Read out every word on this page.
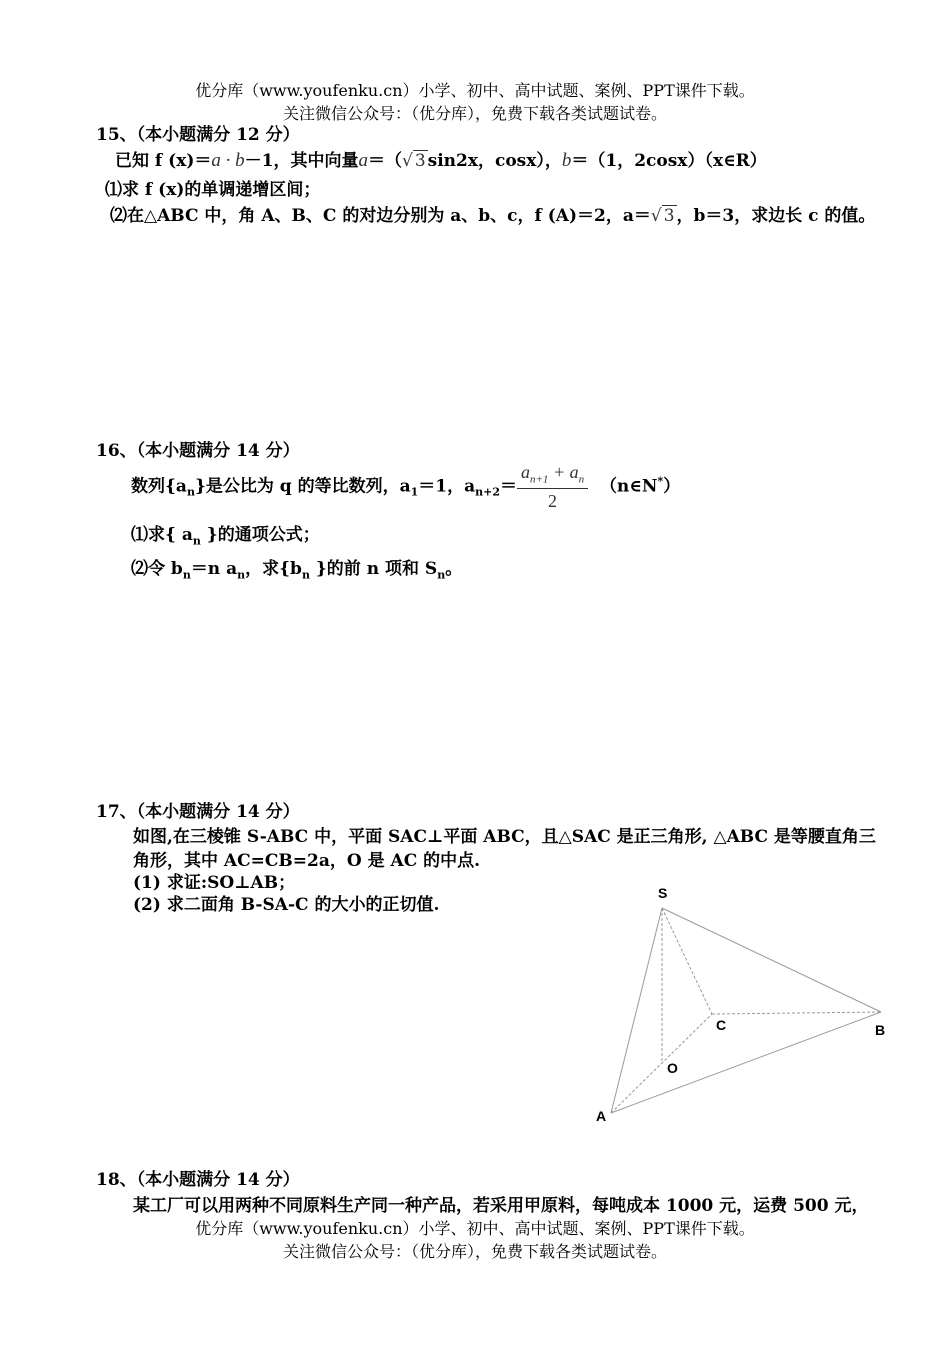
优分库（www.youfenku.cn）小学、初中、高中试题、案例、PPT课件下载。
关注微信公众号：（优分库），免费下载各类试题试卷。
15、（本小题满分 12 分）
已知 f (x)＝a · b－1，其中向量a＝（√ 3 sin2x，cosx），b＝（1，2cosx）（x∈R）
⑴求 f (x)的单调递增区间；
⑵在△ABC 中，角 A、B、C 的对边分别为 a、b、c，f (A)＝2，a＝√ 3 ，b＝3，求边长 c 的值。
16、（本小题满分 14 分）
数列$\{a_n\}$是公比为 q 的等比数列，$a_1=1$，$a_{n+2}= \frac{a_{n+1} + a_n}{2}$ （n∈N*）
⑴求{ $a_n$ }的通项公式；
⑵令 $b_n=n$ $a_n$，求{$b_n$ }的前 n 项和 $S_n$。
17、（本小题满分 14 分）
如图,在三棱锥 S-ABC 中，平面 SAC⊥平面 ABC，且△SAC 是正三角形, △ABC 是等腰直角三
角形，其中 AC=CB=2a，O 是 AC 的中点.
(1) 求证:SO⊥AB；
(2) 求二面角 B-SA-C 的大小的正切值.
S
A
B
C
O
18、（本小题满分 14 分）
某工厂可以用两种不同原料生产同一种产品，若采用甲原料，每吨成本 1000 元，运费 500 元，
优分库（www.youfenku.cn）小学、初中、高中试题、案例、PPT课件下载。
关注微信公众号：（优分库），免费下载各类试题试卷。
